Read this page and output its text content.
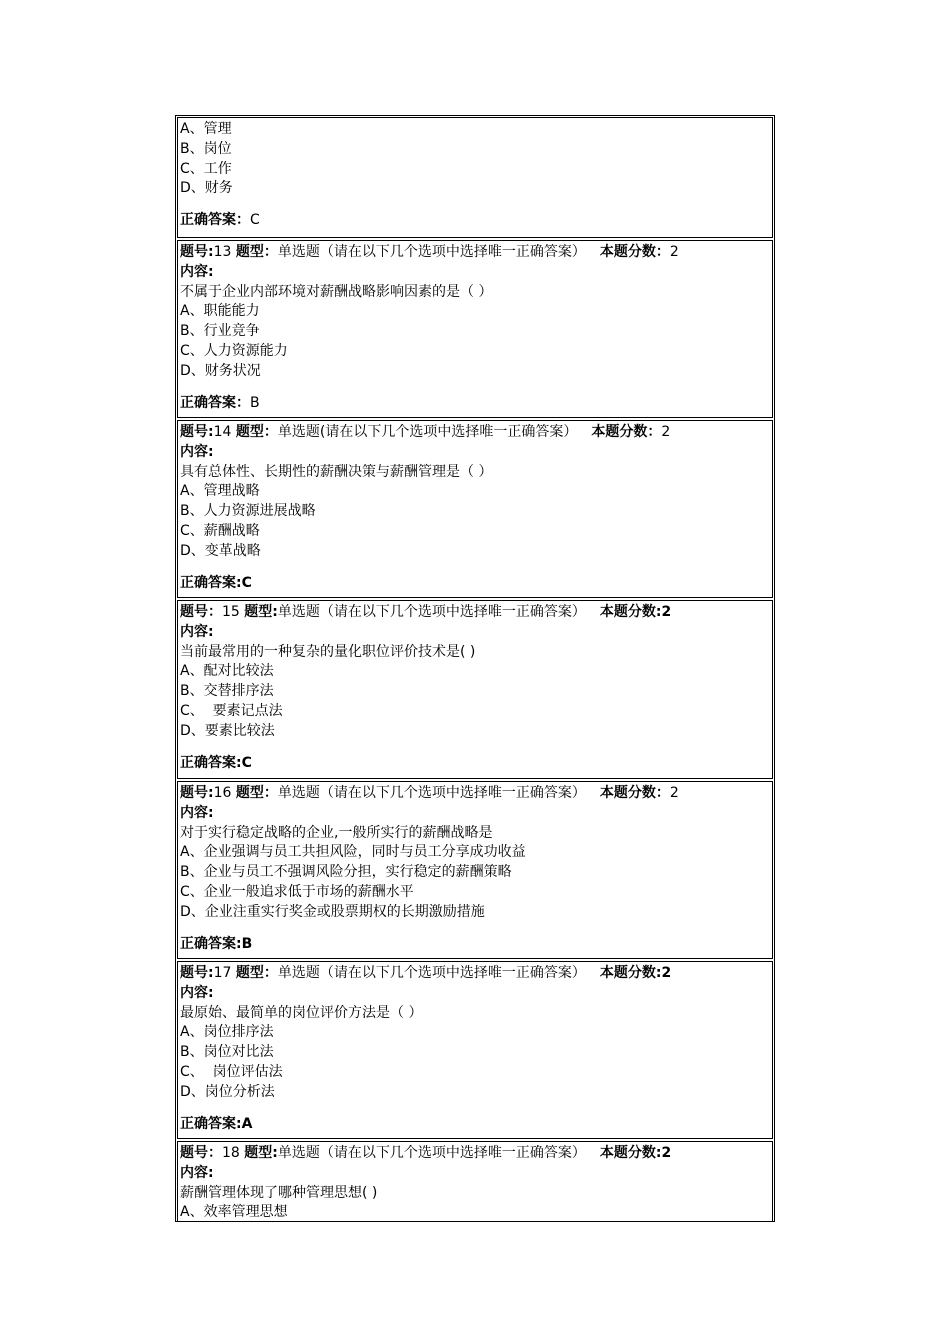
A、管理
B、岗位
C、工作
D、财务
正确答案：C
题号:13 题型：单选题（请在以下几个选项中选择唯一正确答案） 本题分数：2
内容:
不属于企业内部环境对薪酬战略影响因素的是（ ）
A、职能能力
B、行业竞争
C、人力资源能力
D、财务状况
正确答案：B
题号:14 题型：单选题(请在以下几个选项中选择唯一正确答案） 本题分数：2
内容:
具有总体性、长期性的薪酬决策与薪酬管理是（ ）
A、管理战略
B、人力资源进展战略
C、薪酬战略
D、变革战略
正确答案:C
题号：15 题型:单选题（请在以下几个选项中选择唯一正确答案） 本题分数:2
内容:
当前最常用的一种复杂的量化职位评价技术是( )
A、配对比较法
B、交替排序法
C、  要素记点法
D、要素比较法
正确答案:C
题号:16 题型：单选题（请在以下几个选项中选择唯一正确答案） 本题分数：2
内容:
对于实行稳定战略的企业,一般所实行的薪酬战略是
A、企业强调与员工共担风险，同时与员工分享成功收益
B、企业与员工不强调风险分担，实行稳定的薪酬策略
C、企业一般追求低于市场的薪酬水平
D、企业注重实行奖金或股票期权的长期激励措施
正确答案:B
题号:17 题型：单选题（请在以下几个选项中选择唯一正确答案） 本题分数:2
内容:
最原始、最简单的岗位评价方法是（ ）
A、岗位排序法
B、岗位对比法
C、  岗位评估法
D、岗位分析法
正确答案:A
题号：18 题型:单选题（请在以下几个选项中选择唯一正确答案） 本题分数:2
内容:
薪酬管理体现了哪种管理思想( )
A、效率管理思想
